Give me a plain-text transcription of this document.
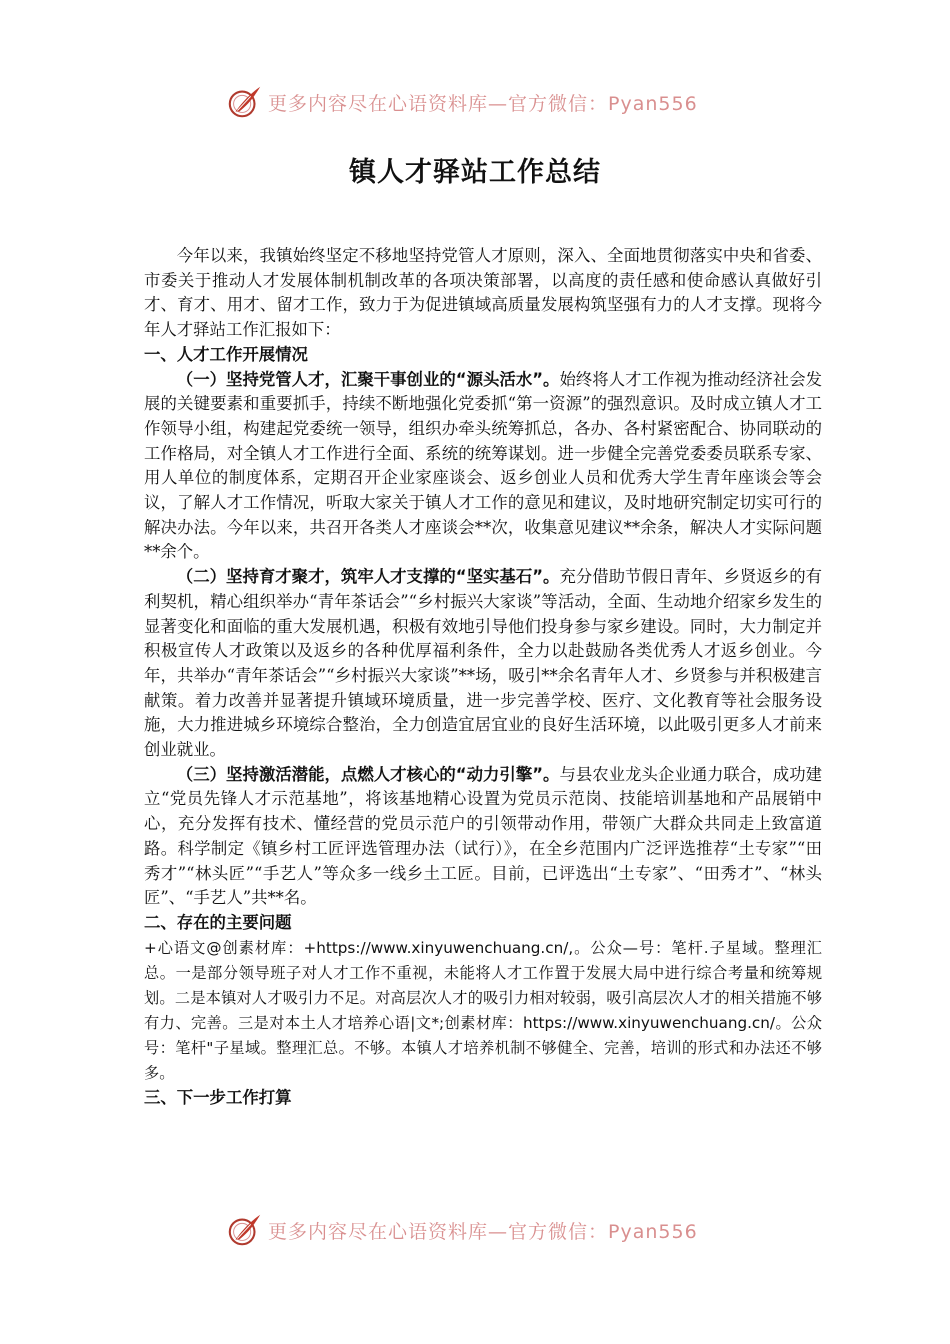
更多内容尽在心语资料库—官方微信：Pyan556
镇人才驿站工作总结

今年以来，我镇始终坚定不移地坚持党管人才原则，深入、全面地贯彻落实中央和省委、市委关于推动人才发展体制机制改革的各项决策部署，以高度的责任感和使命感认真做好引才、育才、用才、留才工作，致力于为促进镇域高质量发展构筑坚强有力的人才支撑。现将今年人才驿站工作汇报如下：

一、人才工作开展情况

（一）坚持党管人才，汇聚干事创业的“源头活水”。始终将人才工作视为推动经济社会发展的关键要素和重要抓手，持续不断地强化党委抓“第一资源”的强烈意识。及时成立镇人才工作领导小组，构建起党委统一领导，组织办牵头统筹抓总，各办、各村紧密配合、协同联动的工作格局，对全镇人才工作进行全面、系统的统筹谋划。进一步健全完善党委委员联系专家、用人单位的制度体系，定期召开企业家座谈会、返乡创业人员和优秀大学生青年座谈会等会议，了解人才工作情况，听取大家关于镇人才工作的意见和建议，及时地研究制定切实可行的解决办法。今年以来，共召开各类人才座谈会**次，收集意见建议**余条，解决人才实际问题**余个。

（二）坚持育才聚才，筑牢人才支撑的“坚实基石”。充分借助节假日青年、乡贤返乡的有利契机，精心组织举办“青年茶话会”“乡村振兴大家谈”等活动，全面、生动地介绍家乡发生的显著变化和面临的重大发展机遇，积极有效地引导他们投身参与家乡建设。同时，大力制定并积极宣传人才政策以及返乡的各种优厚福利条件，全力以赴鼓励各类优秀人才返乡创业。今年，共举办“青年茶话会”“乡村振兴大家谈”**场，吸引**余名青年人才、乡贤参与并积极建言献策。着力改善并显著提升镇域环境质量，进一步完善学校、医疗、文化教育等社会服务设施，大力推进城乡环境综合整治，全力创造宜居宜业的良好生活环境，以此吸引更多人才前来创业就业。

（三）坚持激活潜能，点燃人才核心的“动力引擎”。与县农业龙头企业通力联合，成功建立“党员先锋人才示范基地”，将该基地精心设置为党员示范岗、技能培训基地和产品展销中心，充分发挥有技术、懂经营的党员示范户的引领带动作用，带领广大群众共同走上致富道路。科学制定《镇乡村工匠评选管理办法（试行）》，在全乡范围内广泛评选推荐“土专家”“田秀才”“林头匠”“手艺人”等众多一线乡土工匠。目前，已评选出“土专家”、“田秀才”、“林头匠”、“手艺人”共**名。

二、存在的主要问题

+心语文@创素材库：+https://www.xinyuwenchuang.cn/,。公众—号：笔杆.子星域。整理汇总。一是部分领导班子对人才工作不重视，未能将人才工作置于发展大局中进行综合考量和统筹规划。二是本镇对人才吸引力不足。对高层次人才的吸引力相对较弱，吸引高层次人才的相关措施不够有力、完善。三是对本土人才培养心语|文*;创素材库：https://www.xinyuwenchuang.cn/。公众号：笔杆"子星域。整理汇总。不够。本镇人才培养机制不够健全、完善，培训的形式和办法还不够多。

三、下一步工作打算

更多内容尽在心语资料库—官方微信：Pyan556
